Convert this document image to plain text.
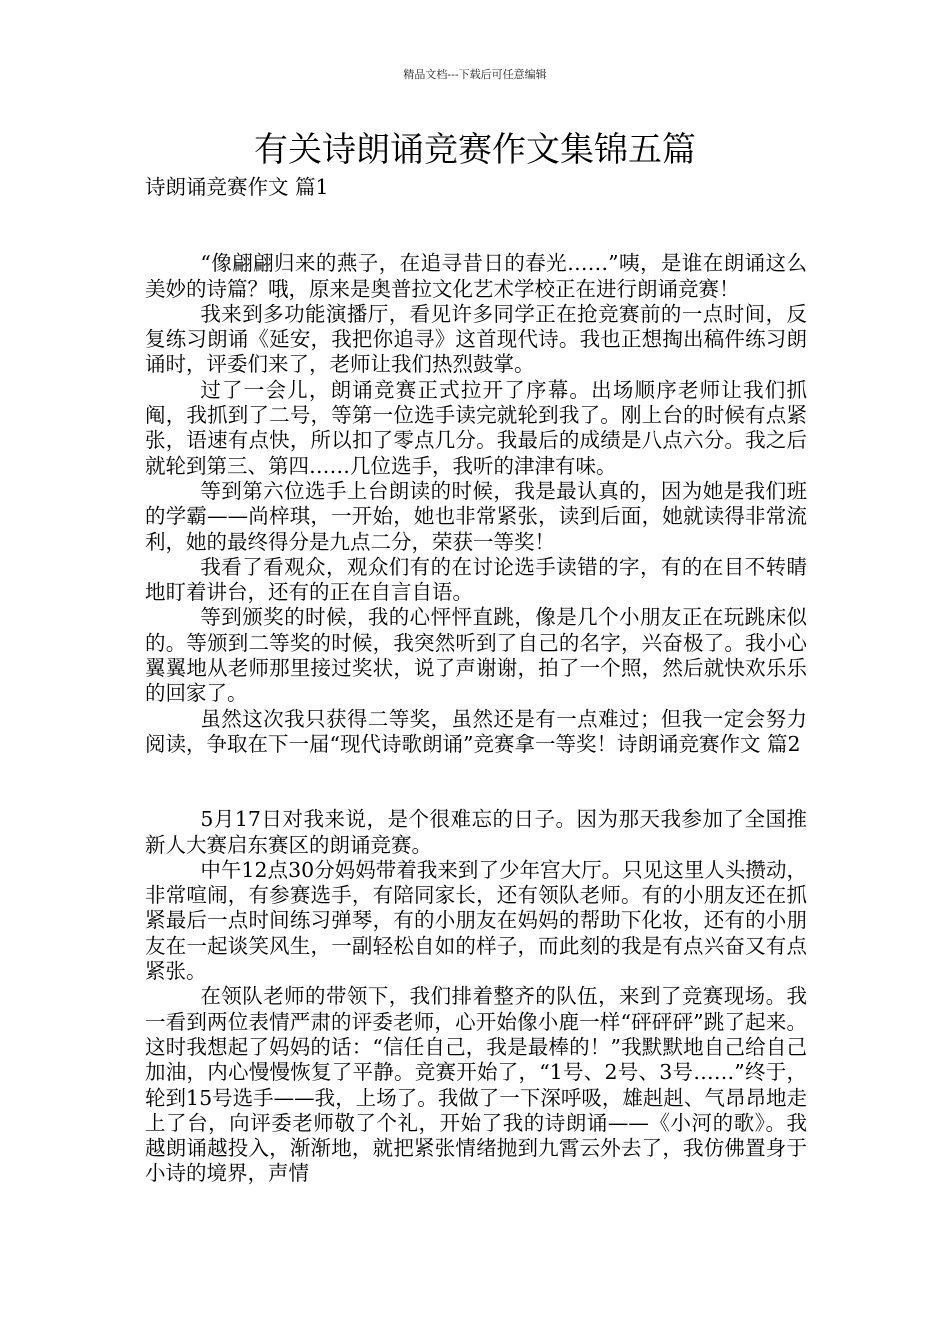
精品文档---下载后可任意编辑
有关诗朗诵竞赛作文集锦五篇

诗朗诵竞赛作文 篇1

“像翩翩归来的燕子，在追寻昔日的春光……”咦，是谁在朗诵这么美妙的诗篇？哦，原来是奥普拉文化艺术学校正在进行朗诵竞赛！

我来到多功能演播厅，看见许多同学正在抢竞赛前的一点时间，反复练习朗诵《延安，我把你追寻》这首现代诗。我也正想掏出稿件练习朗诵时，评委们来了，老师让我们热烈鼓掌。

过了一会儿，朗诵竞赛正式拉开了序幕。出场顺序老师让我们抓阄，我抓到了二号，等第一位选手读完就轮到我了。刚上台的时候有点紧张，语速有点快，所以扣了零点几分。我最后的成绩是八点六分。我之后就轮到第三、第四……几位选手，我听的津津有味。

等到第六位选手上台朗读的时候，我是最认真的，因为她是我们班的学霸——尚梓琪，一开始，她也非常紧张，读到后面，她就读得非常流利，她的最终得分是九点二分，荣获一等奖！

我看了看观众，观众们有的在讨论选手读错的字，有的在目不转睛地盯着讲台，还有的正在自言自语。

等到颁奖的时候，我的心怦怦直跳，像是几个小朋友正在玩跳床似的。等颁到二等奖的时候，我突然听到了自己的名字，兴奋极了。我小心翼翼地从老师那里接过奖状，说了声谢谢，拍了一个照，然后就快欢乐乐的回家了。

虽然这次我只获得二等奖，虽然还是有一点难过；但我一定会努力阅读，争取在下一届“现代诗歌朗诵”竞赛拿一等奖！诗朗诵竞赛作文 篇2

5月17日对我来说，是个很难忘的日子。因为那天我参加了全国推新人大赛启东赛区的朗诵竞赛。

中午12点30分妈妈带着我来到了少年宫大厅。只见这里人头攒动，非常喧闹，有参赛选手，有陪同家长，还有领队老师。有的小朋友还在抓紧最后一点时间练习弹琴，有的小朋友在妈妈的帮助下化妆，还有的小朋友在一起谈笑风生，一副轻松自如的样子，而此刻的我是有点兴奋又有点紧张。

在领队老师的带领下，我们排着整齐的队伍，来到了竞赛现场。我一看到两位表情严肃的评委老师，心开始像小鹿一样“砰砰砰”跳了起来。这时我想起了妈妈的话：“信任自己，我是最棒的！”我默默地自己给自己加油，内心慢慢恢复了平静。竞赛开始了，“1号、2号、3号……”终于，轮到15号选手——我，上场了。我做了一下深呼吸，雄赳赳、气昂昂地走上了台，向评委老师敬了个礼，开始了我的诗朗诵——《小河的歌》。我越朗诵越投入，渐渐地，就把紧张情绪抛到九霄云外去了，我仿佛置身于小诗的境界，声情
